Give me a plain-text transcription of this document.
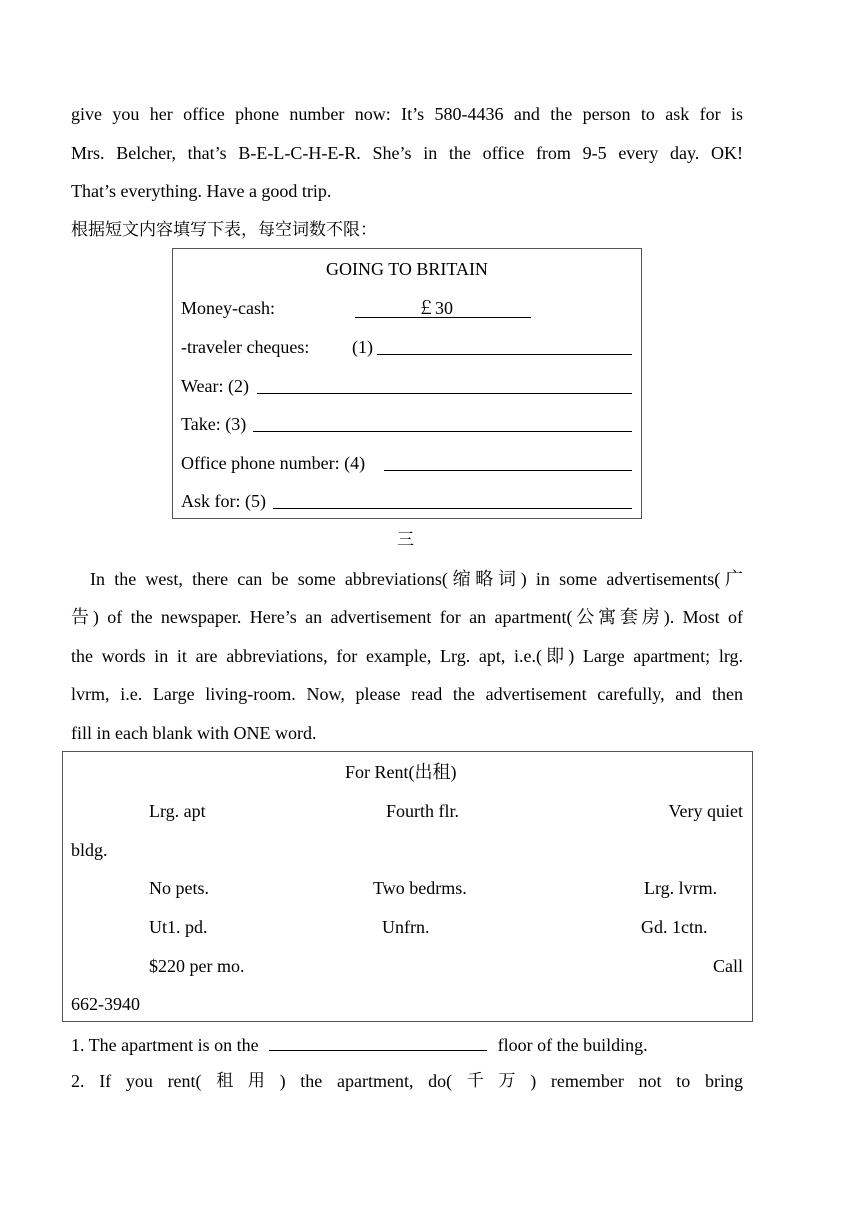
give you her office phone number now: It’s 580-4436 and the person to ask for is
Mrs. Belcher, that’s B-E-L-C-H-E-R. She’s in the office from 9-5 every day. OK!
That’s everything. Have a good trip.
根据短文内容填写下表，每空词数不限：
GOING TO BRITAIN
Money-cash:	￡30
-traveler cheques: (1)
Wear: (2)
Take: (3)
Office phone number: (4)
Ask for: (5)
三
In the west, there can be some abbreviations(缩略词) in some advertisements(广
告) of the newspaper. Here’s an advertisement for an apartment(公寓套房). Most of
the words in it are abbreviations, for example, Lrg. apt, i.e.(即) Large apartment; lrg.
lvrm, i.e. Large living-room. Now, please read the advertisement carefully, and then
fill in each blank with ONE word.
For Rent(出租)
Lrg. apt	Fourth flr.	Very quiet
bldg.
No pets.	Two bedrms.	Lrg. lvrm.
Ut1. pd.	Unfrn.	Gd. 1ctn.
$220 per mo.	Call
662-3940
1. The apartment is on the	floor of the building.
2. If you rent( 租 用 ) the apartment, do( 千 万 ) remember not to bring
